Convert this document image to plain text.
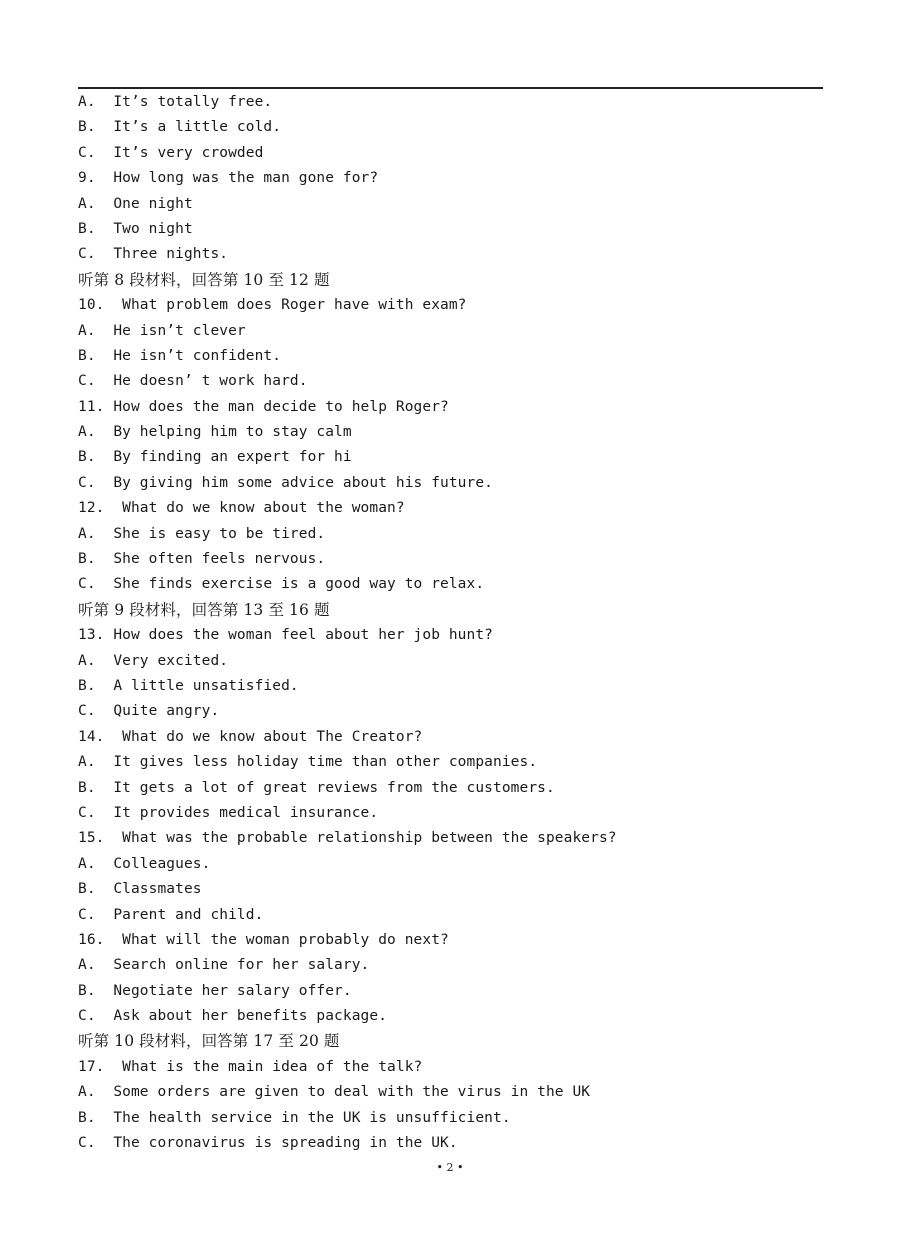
A.  It’s totally free.
B.  It’s a little cold.
C.  It’s very crowded
9.  How long was the man gone for?
A.  One night
B.  Two night
C.  Three nights.
听第 8 段材料，回答第 10 至 12 题
10.  What problem does Roger have with exam?
A.  He isn’t clever
B.  He isn’t confident.
C.  He doesn’ t work hard.
11. How does the man decide to help Roger?
A.  By helping him to stay calm
B.  By finding an expert for hi
C.  By giving him some advice about his future.
12.  What do we know about the woman?
A.  She is easy to be tired.
B.  She often feels nervous.
C.  She finds exercise is a good way to relax.
听第 9 段材料，回答第 13 至 16 题
13. How does the woman feel about her job hunt?
A.  Very excited.
B.  A little unsatisfied.
C.  Quite angry.
14.  What do we know about The Creator?
A.  It gives less holiday time than other companies.
B.  It gets a lot of great reviews from the customers.
C.  It provides medical insurance.
15.  What was the probable relationship between the speakers?
A.  Colleagues.
B.  Classmates
C.  Parent and child.
16.  What will the woman probably do next?
A.  Search online for her salary.
B.  Negotiate her salary offer.
C.  Ask about her benefits package.
听第 10 段材料，回答第 17 至 20 题
17.  What is the main idea of the talk?
A.  Some orders are given to deal with the virus in the UK
B.  The health service in the UK is unsufficient.
C.  The coronavirus is spreading in the UK.
• 2 •
